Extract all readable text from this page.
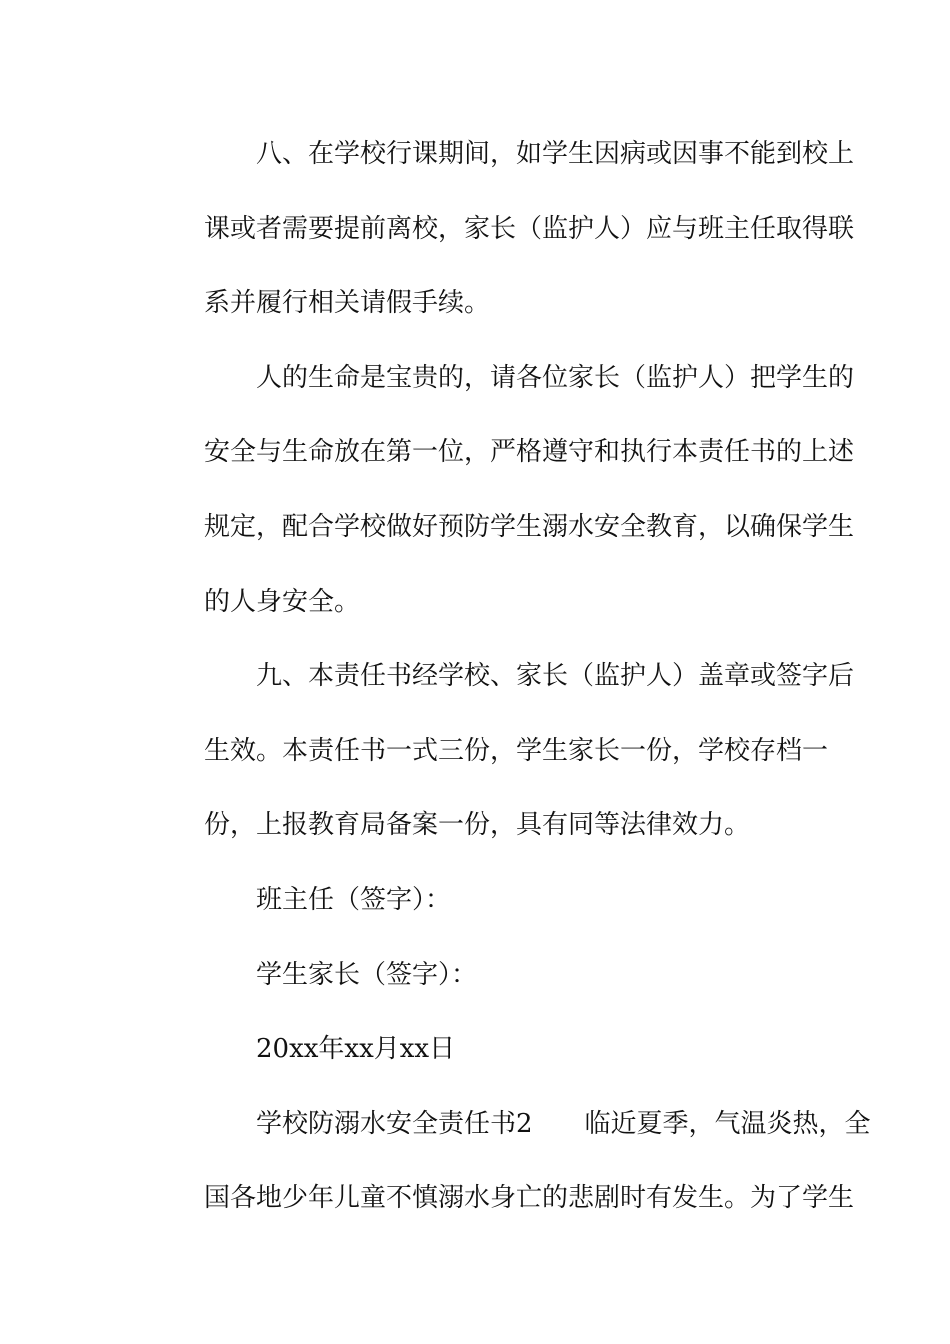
八、在学校行课期间，如学生因病或因事不能到校上
课或者需要提前离校，家长（监护人）应与班主任取得联
系并履行相关请假手续。
人的生命是宝贵的，请各位家长（监护人）把学生的
安全与生命放在第一位，严格遵守和执行本责任书的上述
规定，配合学校做好预防学生溺水安全教育，以确保学生
的人身安全。
九、本责任书经学校、家长（监护人）盖章或签字后
生效。本责任书一式三份，学生家长一份，学校存档一
份，上报教育局备案一份，具有同等法律效力。
班主任（签字）：
学生家长（签字）：
20xx年xx月xx日
学校防溺水安全责任书2　　临近夏季，气温炎热，全
国各地少年儿童不慎溺水身亡的悲剧时有发生。为了学生
